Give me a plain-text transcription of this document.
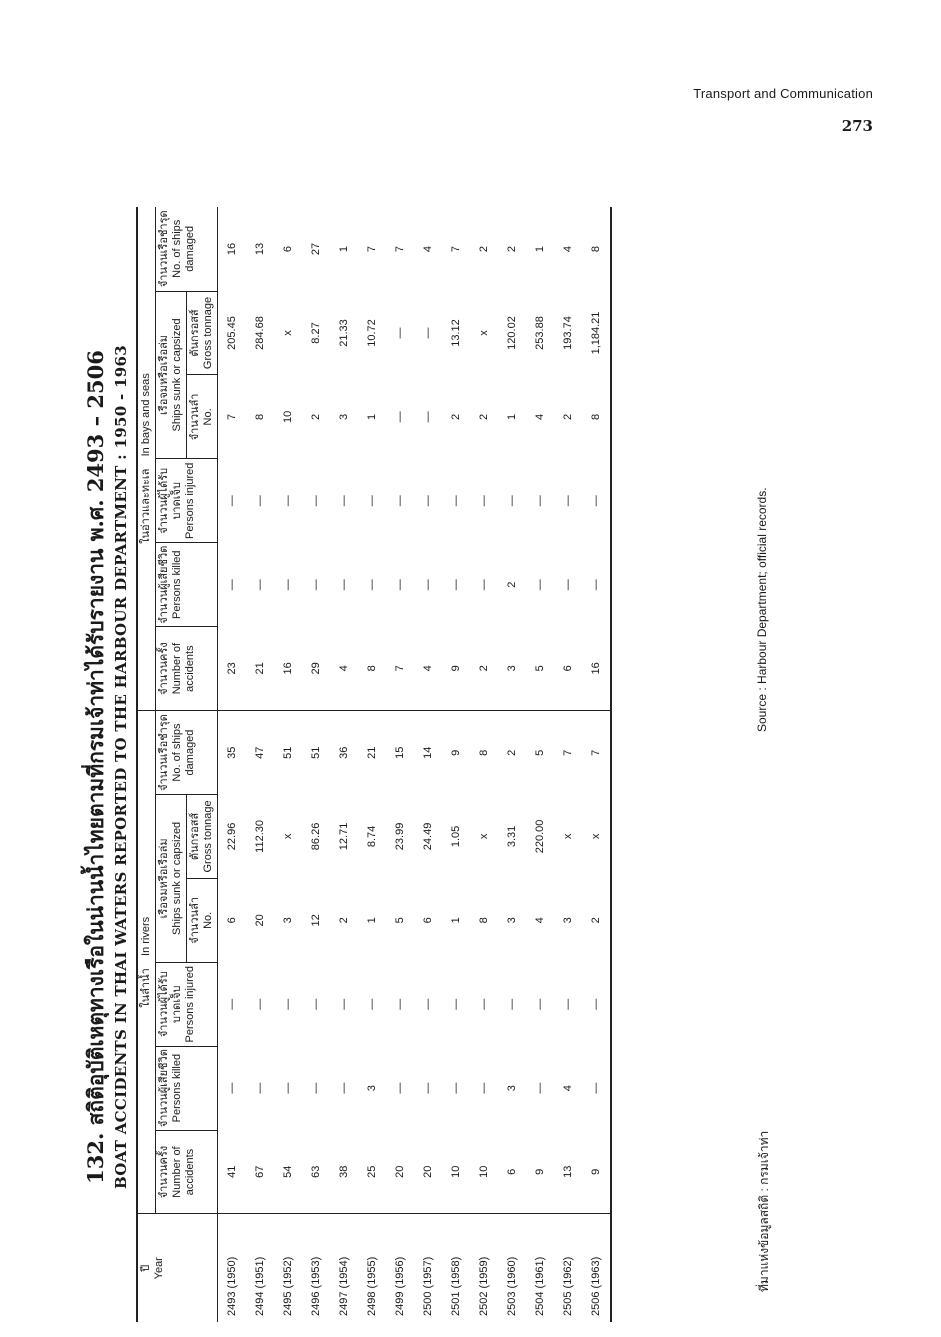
Transport and Communication
273
132. สถิติอุบัติเหตุทางเรือในน่านน้ำไทยตามที่กรมเจ้าท่าได้รับรายงาน พ.ศ. 2493 – 2506 BOAT ACCIDENTS IN THAI WATERS REPORTED TO THE HARBOUR DEPARTMENT : 1950 - 1963
ปี Year	ในลำน้ำ    In rivers						ในอ่าวและทะเล    In bays and seas					

	จำนวนครั้ง Number of accidents	จำนวนผู้เสียชีวิต Persons killed	จำนวนผู้ได้รับบาดเจ็บ Persons injured	เรือจมหรือเรือล่ม Ships sunk or capsized		จำนวนเรือชำรุด No. of ships damaged	จำนวนครั้ง Number of accidents	จำนวนผู้เสียชีวิต Persons killed	จำนวนผู้ได้รับบาดเจ็บ Persons injured	เรือจมหรือเรือล่ม Ships sunk or capsized		จำนวนเรือชำรุด No. of ships damaged

				จำนวนลำ No.	ตันกรอสส์ Gross tonnage					จำนวนลำ No.	ตันกรอสส์ Gross tonnage	

2493 (1950)	41	—	—	6	22.96	35	23	—	—	7	205.45	16
2494 (1951)	67	—	—	20	112.30	47	21	—	—	8	284.68	13
2495 (1952)	54	—	—	3	x	51	16	—	—	10	x	6
2496 (1953)	63	—	—	12	86.26	51	29	—	—	2	8.27	27
2497 (1954)	38	—	—	2	12.71	36	4	—	—	3	21.33	1
2498 (1955)	25	3	—	1	8.74	21	8	—	—	1	10.72	7
2499 (1956)	20	—	—	5	23.99	15	7	—	—	—	—	7
2500 (1957)	20	—	—	6	24.49	14	4	—	—	—	—	4
2501 (1958)	10	—	—	1	1.05	9	9	—	—	2	13.12	7
2502 (1959)	10	—	—	8	x	8	2	—	—	2	x	2
2503 (1960)	6	3	—	3	3.31	2	3	2	—	1	120.02	2
2504 (1961)	9	—	—	4	220.00	5	5	—	—	4	253.88	1
2505 (1962)	13	4	—	3	x	7	6	—	—	2	193.74	4
2506 (1963)	9	—	—	2	x	7	16	—	—	8	1,184.21	8
ที่มาแห่งข้อมูลสถิติ : กรมเจ้าท่า
Source : Harbour Department; official records.
